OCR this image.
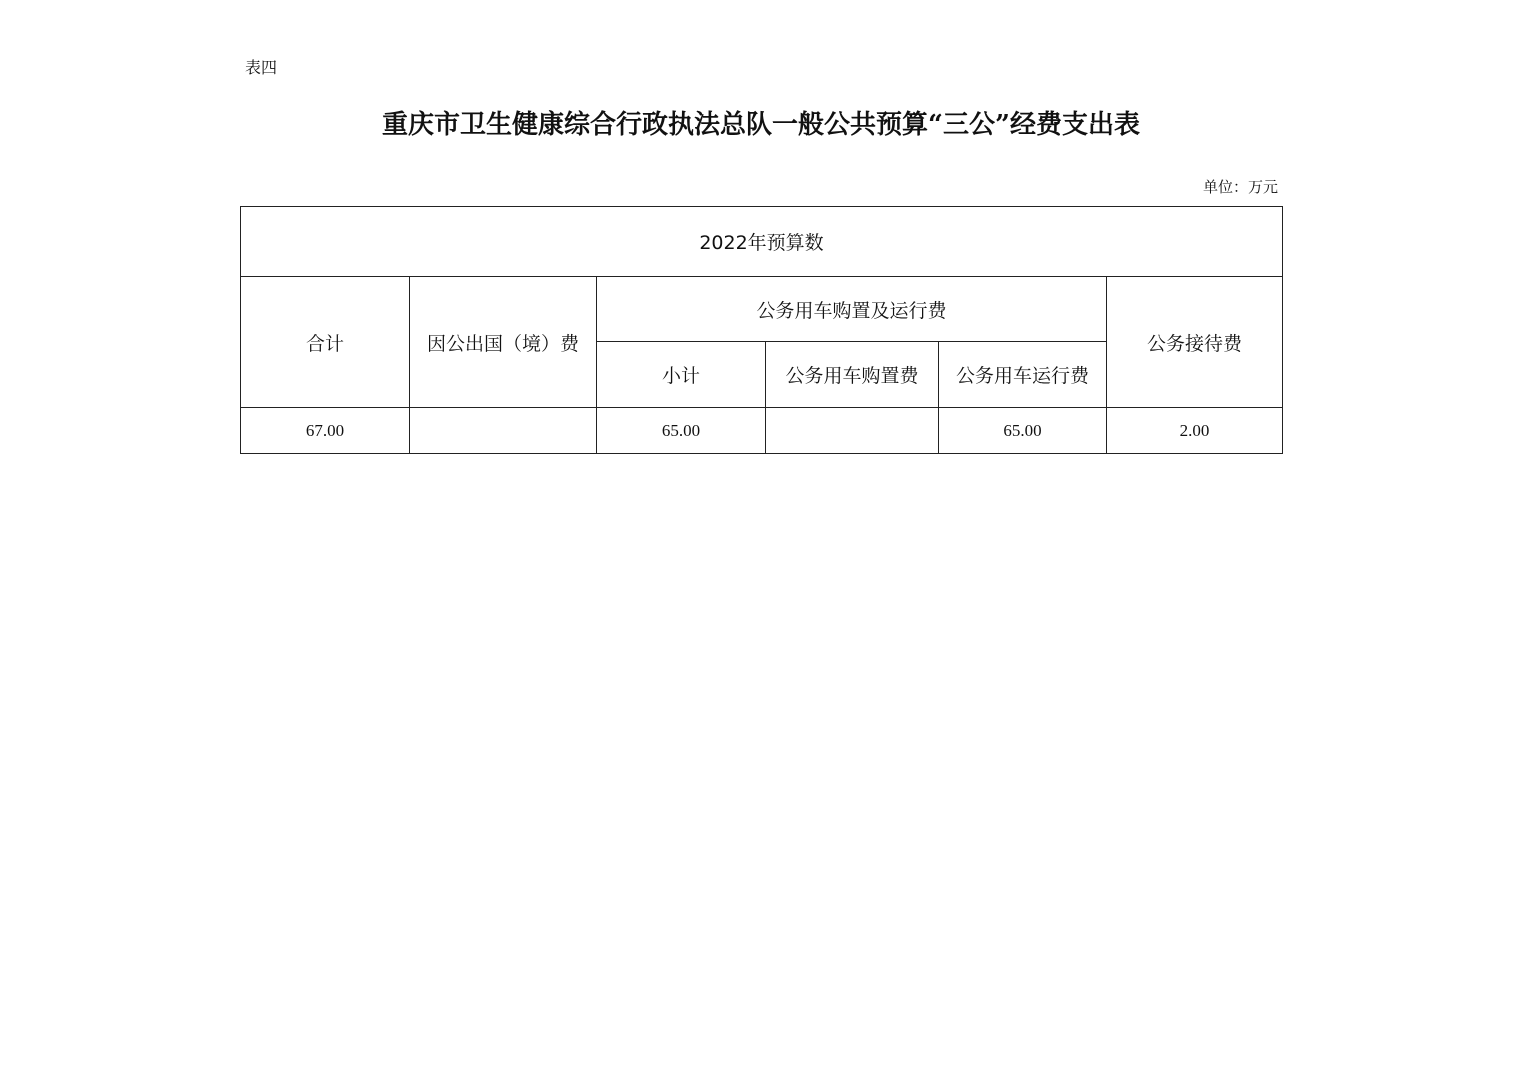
表四
重庆市卫生健康综合行政执法总队一般公共预算“三公”经费支出表
单位：万元
2022年预算数					
合计	因公出国（境）费	公务用车购置及运行费			公务接待费
		小计	公务用车购置费	公务用车运行费	
67.00		65.00		65.00	2.00
